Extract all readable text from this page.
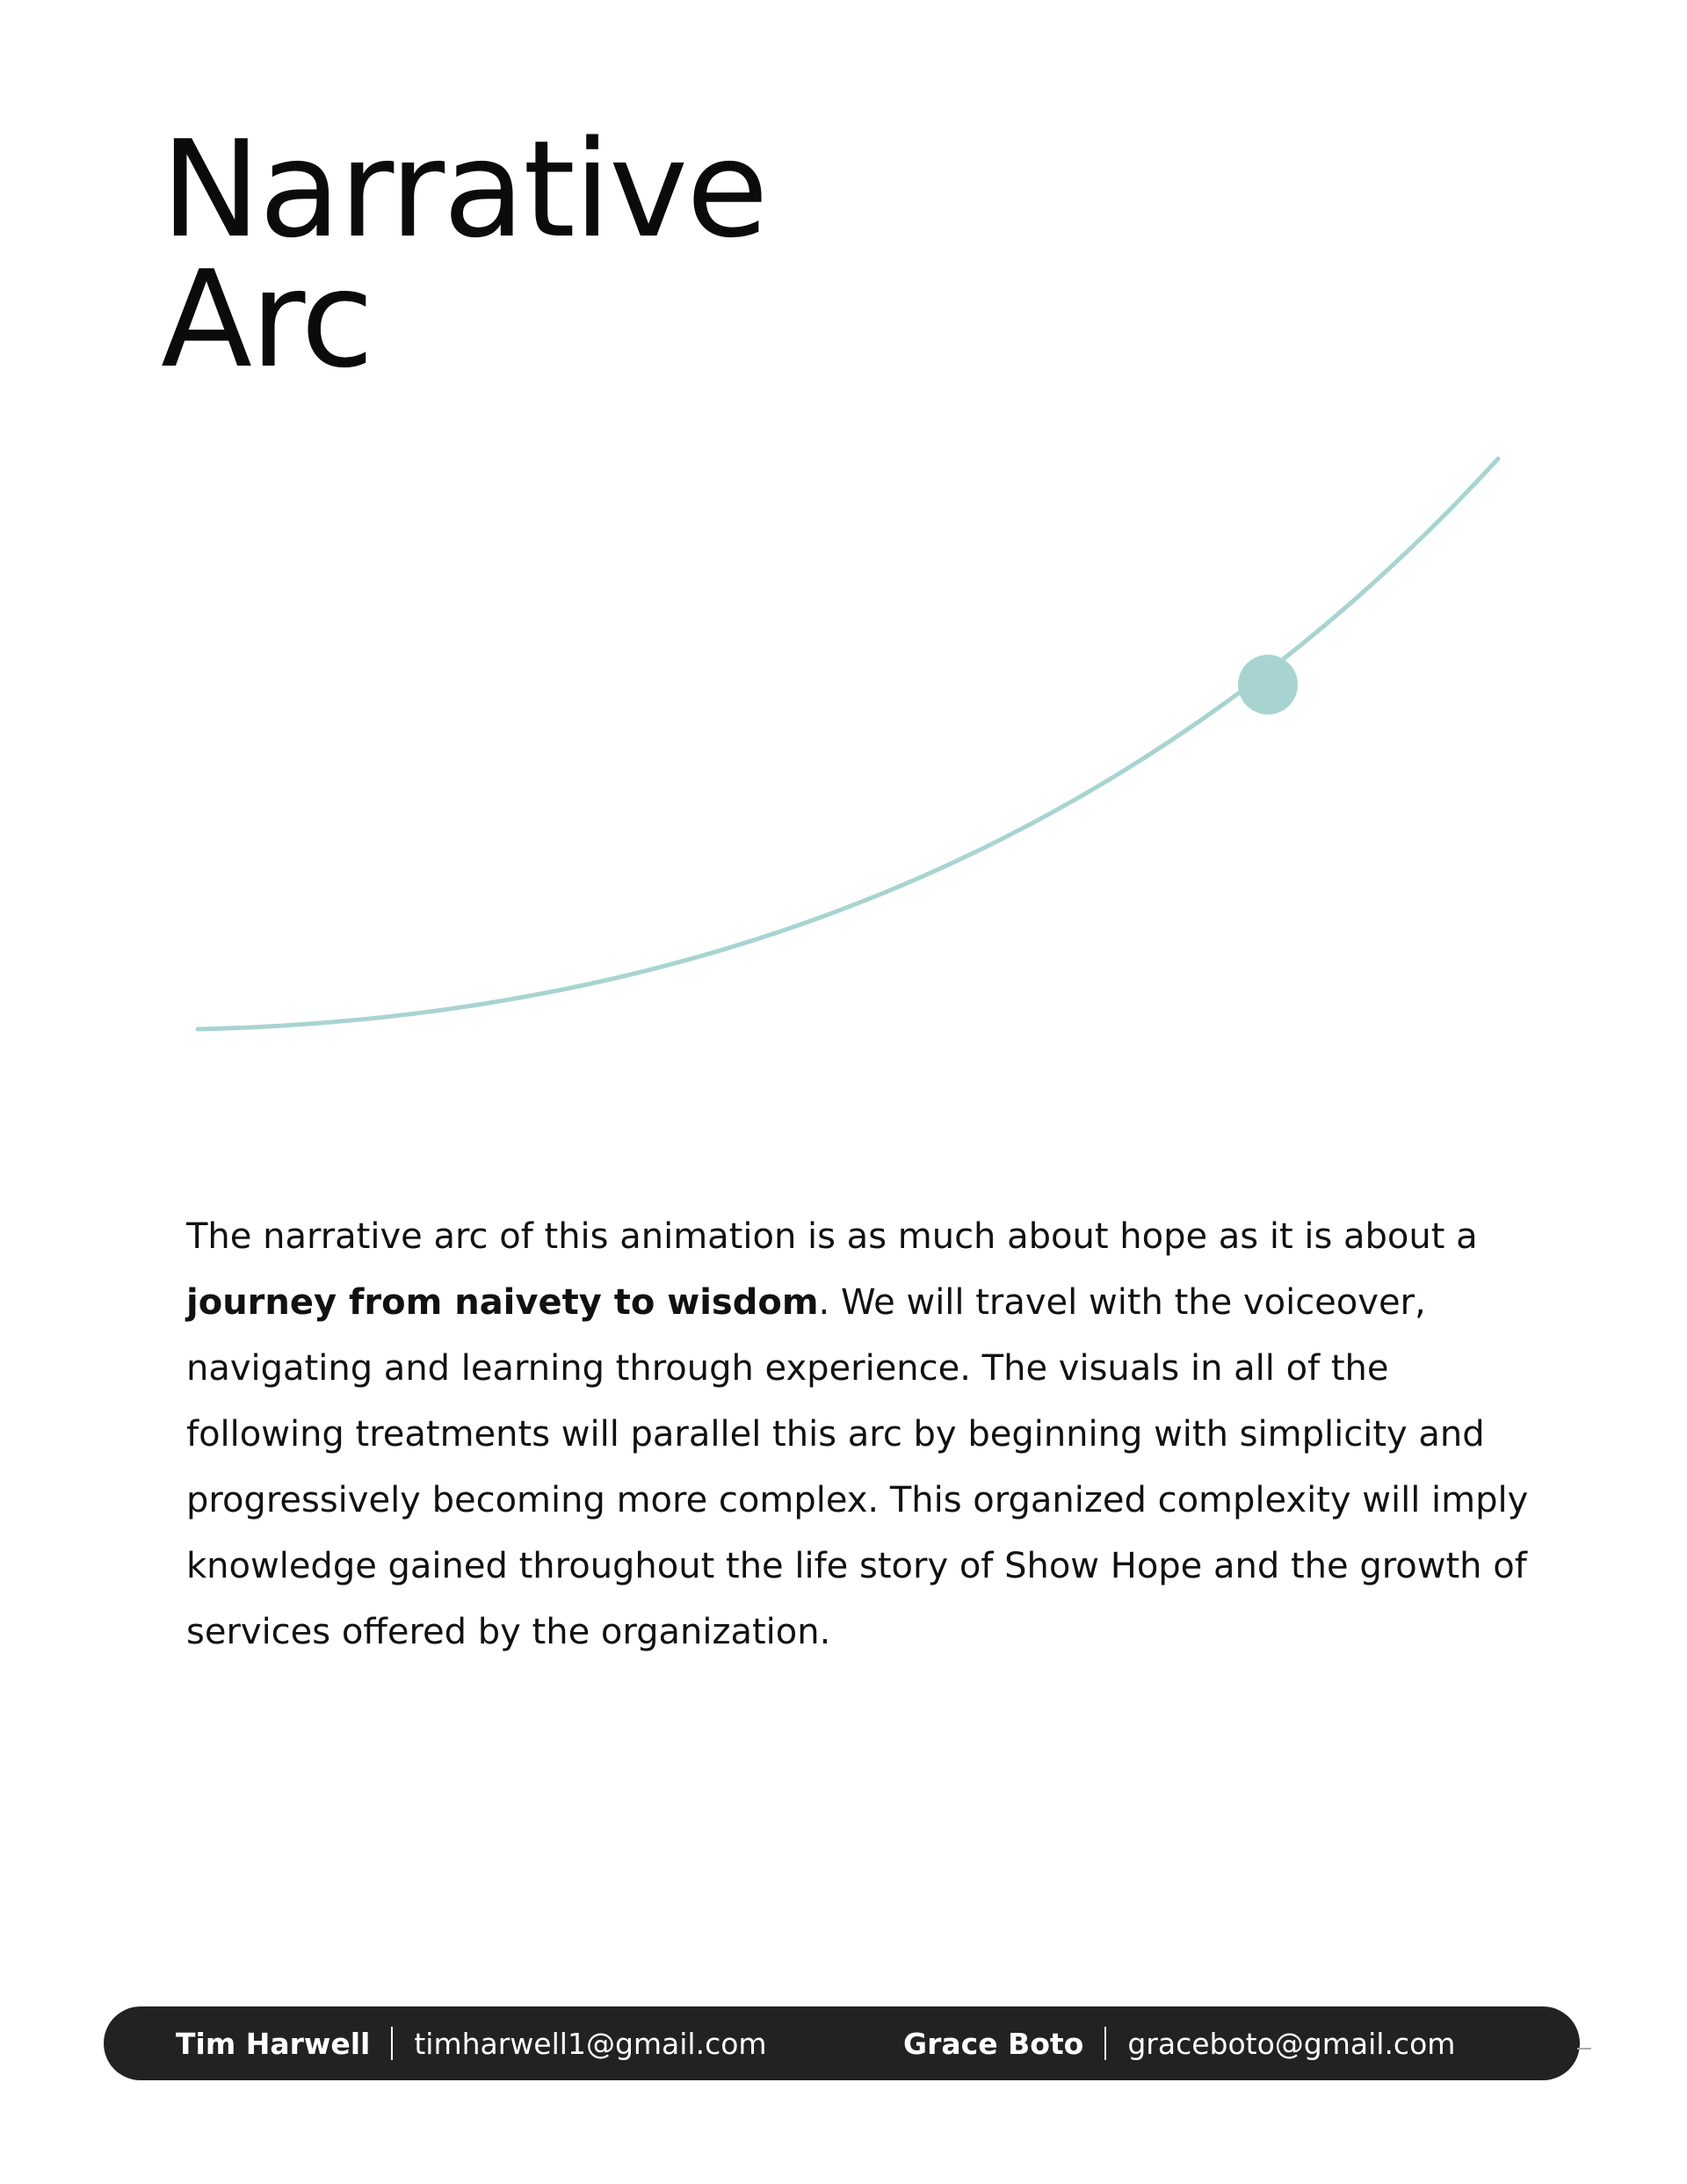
Narrative
Arc

The narrative arc of this animation is as much about hope as it is about a journey from naivety to wisdom. We will travel with the voiceover, navigating and learning through experience. The visuals in all of the following treatments will parallel this arc by beginning with simplicity and progressively becoming more complex. This organized complexity will imply knowledge gained throughout the life story of Show Hope and the growth of services offered by the organization.

Tim Harwell timharwell1@gmail.com	Grace Boto graceboto@gmail.com
